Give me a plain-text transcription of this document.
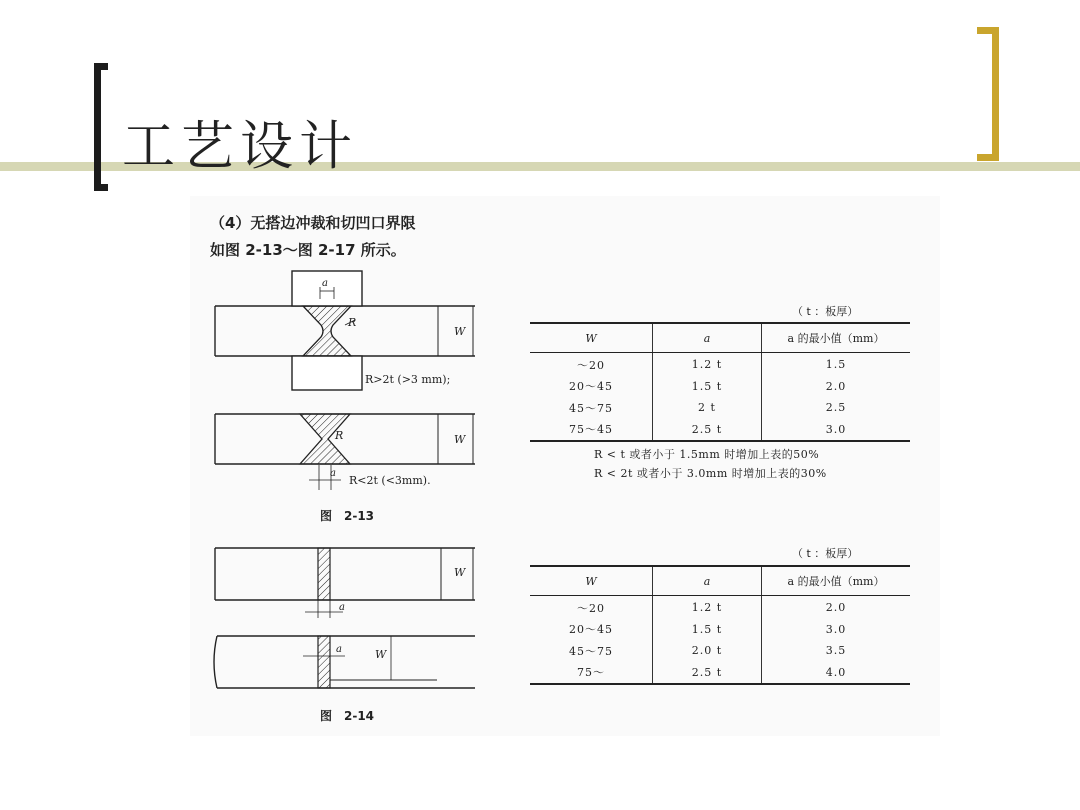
工艺设计
（4）无搭边冲裁和切凹口界限
如图 2-13～图 2-17 所示。
a
R
W
R>2t (>3 mm);
R	W
a
R<2t (<3mm).
图　2-13
W
a
a	W
图　2-14
（ t ：板厚）
W	a	a 的最小值（mm）
～20	1.2 t	1.5
20～45	1.5 t	2.0
45～75	2 t	2.5
75～45	2.5 t	3.0
R < t 或者小于 1.5mm 时增加上表的50%
R < 2t 或者小于 3.0mm 时增加上表的30%
（ t ：板厚）
W	a	a 的最小值（mm）
～20	1.2 t	2.0
20～45	1.5 t	3.0
45～75	2.0 t	3.5
75～	2.5 t	4.0
